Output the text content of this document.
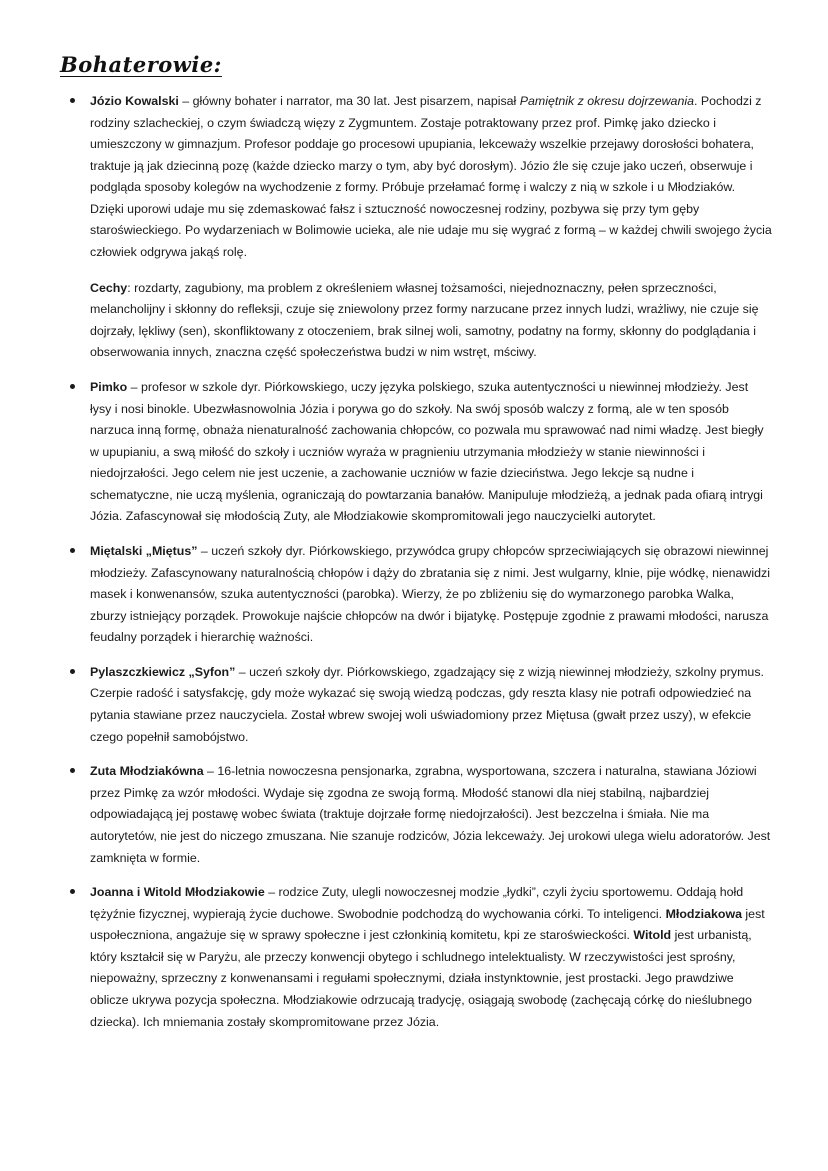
Bohaterowie:

Józio Kowalski – główny bohater i narrator, ma 30 lat. Jest pisarzem, napisał Pamiętnik z okresu dojrzewania. Pochodzi z rodziny szlacheckiej, o czym świadczą więzy z Zygmuntem. Zostaje potraktowany przez prof. Pimkę jako dziecko i umieszczony w gimnazjum. Profesor poddaje go procesowi upupiania, lekceważy wszelkie przejawy dorosłości bohatera, traktuje ją jak dziecinną pozę (każde dziecko marzy o tym, aby być dorosłym). Józio źle się czuje jako uczeń, obserwuje i podgląda sposoby kolegów na wychodzenie z formy. Próbuje przełamać formę i walczy z nią w szkole i u Młodziaków. Dzięki uporowi udaje mu się zdemaskować fałsz i sztuczność nowoczesnej rodziny, pozbywa się przy tym gęby staroświeckiego. Po wydarzeniach w Bolimowie ucieka, ale nie udaje mu się wygrać z formą – w każdej chwili swojego życia człowiek odgrywa jakąś rolę.

Cechy: rozdarty, zagubiony, ma problem z określeniem własnej tożsamości, niejednoznaczny, pełen sprzeczności, melancholijny i skłonny do refleksji, czuje się zniewolony przez formy narzucane przez innych ludzi, wrażliwy, nie czuje się dojrzały, lękliwy (sen), skonfliktowany z otoczeniem, brak silnej woli, samotny, podatny na formy, skłonny do podglądania i obserwowania innych, znaczna część społeczeństwa budzi w nim wstręt, mściwy.

Pimko – profesor w szkole dyr. Piórkowskiego, uczy języka polskiego, szuka autentyczności u niewinnej młodzieży. Jest łysy i nosi binokle. Ubezwłasnowolnia Józia i porywa go do szkoły. Na swój sposób walczy z formą, ale w ten sposób narzuca inną formę, obnaża nienaturalność zachowania chłopców, co pozwala mu sprawować nad nimi władzę. Jest biegły w upupianiu, a swą miłość do szkoły i uczniów wyraża w pragnieniu utrzymania młodzieży w stanie niewinności i niedojrzałości. Jego celem nie jest uczenie, a zachowanie uczniów w fazie dzieciństwa. Jego lekcje są nudne i schematyczne, nie uczą myślenia, ograniczają do powtarzania banałów. Manipuluje młodzieżą, a jednak pada ofiarą intrygi Józia. Zafascynował się młodością Zuty, ale Młodziakowie skompromitowali jego nauczycielki autorytet.

Miętalski „Miętus” – uczeń szkoły dyr. Piórkowskiego, przywódca grupy chłopców sprzeciwiających się obrazowi niewinnej młodzieży. Zafascynowany naturalnością chłopów i dąży do zbratania się z nimi. Jest wulgarny, klnie, pije wódkę, nienawidzi masek i konwenansów, szuka autentyczności (parobka). Wierzy, że po zbliżeniu się do wymarzonego parobka Walka, zburzy istniejący porządek. Prowokuje najście chłopców na dwór i bijatykę. Postępuje zgodnie z prawami młodości, narusza feudalny porządek i hierarchię ważności.

Pylaszczkiewicz „Syfon” – uczeń szkoły dyr. Piórkowskiego, zgadzający się z wizją niewinnej młodzieży, szkolny prymus. Czerpie radość i satysfakcję, gdy może wykazać się swoją wiedzą podczas, gdy reszta klasy nie potrafi odpowiedzieć na pytania stawiane przez nauczyciela. Został wbrew swojej woli uświadomiony przez Miętusa (gwałt przez uszy), w efekcie czego popełnił samobójstwo.

Zuta Młodziakówna – 16-letnia nowoczesna pensjonarka, zgrabna, wysportowana, szczera i naturalna, stawiana Józiowi przez Pimkę za wzór młodości. Wydaje się zgodna ze swoją formą. Młodość stanowi dla niej stabilną, najbardziej odpowiadającą jej postawę wobec świata (traktuje dojrzałe formę niedojrzałości). Jest bezczelna i śmiała. Nie ma autorytetów, nie jest do niczego zmuszana. Nie szanuje rodziców, Józia lekceważy. Jej urokowi ulega wielu adoratorów. Jest zamknięta w formie.

Joanna i Witold Młodziakowie – rodzice Zuty, ulegli nowoczesnej modzie „łydki”, czyli życiu sportowemu. Oddają hołd tężyźnie fizycznej, wypierają życie duchowe. Swobodnie podchodzą do wychowania córki. To inteligenci. Młodziakowa jest uspołeczniona, angażuje się w sprawy społeczne i jest członkinią komitetu, kpi ze staroświeckości. Witold jest urbanistą, który kształcił się w Paryżu, ale przeczy konwencji obytego i schludnego intelektualisty. W rzeczywistości jest sprośny, niepoważny, sprzeczny z konwenansami i regułami społecznymi, działa instynktownie, jest prostacki. Jego prawdziwe oblicze ukrywa pozycja społeczna. Młodziakowie odrzucają tradycję, osiągają swobodę (zachęcają córkę do nieślubnego dziecka). Ich mniemania zostały skompromitowane przez Józia.
